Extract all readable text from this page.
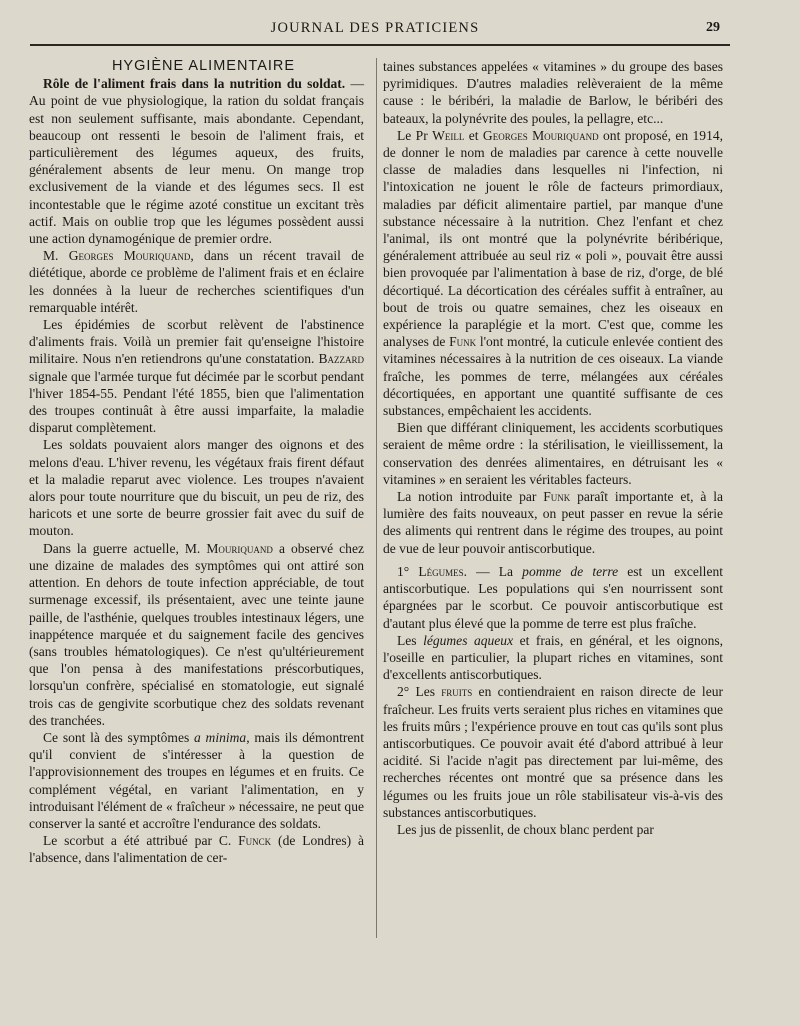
JOURNAL DES PRATICIENS	29

HYGIÈNE ALIMENTAIRE

Rôle de l'aliment frais dans la nutrition du soldat. — Au point de vue physiologique, la ration du soldat français est non seulement suffisante, mais abondante. Cependant, beaucoup ont ressenti le besoin de l'aliment frais, et particulièrement des légumes aqueux, des fruits, généralement absents de leur menu. On mange trop exclusivement de la viande et des légumes secs. Il est incontestable que le régime azoté constitue un excitant très actif. Mais on oublie trop que les légumes possèdent aussi une action dynamogénique de premier ordre.

M. Georges Mouriquand, dans un récent travail de diététique, aborde ce problème de l'aliment frais et en éclaire les données à la lueur de recherches scientifiques d'un remarquable intérêt.

Les épidémies de scorbut relèvent de l'abstinence d'aliments frais. Voilà un premier fait qu'enseigne l'histoire militaire. Nous n'en retiendrons qu'une constatation. Bazzard signale que l'armée turque fut décimée par le scorbut pendant l'hiver 1854-55. Pendant l'été 1855, bien que l'alimentation des troupes continuât à être aussi imparfaite, la maladie disparut complètement.

Les soldats pouvaient alors manger des oignons et des melons d'eau. L'hiver revenu, les végétaux frais firent défaut et la maladie reparut avec violence. Les troupes n'avaient alors pour toute nourriture que du biscuit, un peu de riz, des haricots et une sorte de beurre grossier fait avec du suif de mouton.

Dans la guerre actuelle, M. Mouriquand a observé chez une dizaine de malades des symptômes qui ont attiré son attention. En dehors de toute infection appréciable, de tout surmenage excessif, ils présentaient, avec une teinte jaune paille, de l'asthénie, quelques troubles intestinaux légers, une inappétence marquée et du saignement facile des gencives (sans troubles hématologiques). Ce n'est qu'ultérieurement que l'on pensa à des manifestations préscorbutiques, lorsqu'un confrère, spécialisé en stomatologie, eut signalé trois cas de gengivite scorbutique chez des soldats revenant des tranchées.

Ce sont là des symptômes a minima, mais ils démontrent qu'il convient de s'intéresser à la question de l'approvisionnement des troupes en légumes et en fruits. Ce complément végétal, en variant l'alimentation, en y introduisant l'élément de « fraîcheur » nécessaire, ne peut que conserver la santé et accroître l'endurance des soldats.

Le scorbut a été attribué par C. Funck (de Londres) à l'absence, dans l'alimentation de cer-

taines substances appelées « vitamines » du groupe des bases pyrimidiques. D'autres maladies relèveraient de la même cause : le béribéri, la maladie de Barlow, le béribéri des bateaux, la polynévrite des poules, la pellagre, etc...

Le Pr Weill et Georges Mouriquand ont proposé, en 1914, de donner le nom de maladies par carence à cette nouvelle classe de maladies dans lesquelles ni l'infection, ni l'intoxication ne jouent le rôle de facteurs primordiaux, maladies par déficit alimentaire partiel, par manque d'une substance nécessaire à la nutrition. Chez l'enfant et chez l'animal, ils ont montré que la polynévrite béribérique, généralement attribuée au seul riz « poli », pouvait être aussi bien provoquée par l'alimentation à base de riz, d'orge, de blé décortiqué. La décortication des céréales suffit à entraîner, au bout de trois ou quatre semaines, chez les oiseaux en expérience la paraplégie et la mort. C'est que, comme les analyses de Funk l'ont montré, la cuticule enlevée contient des vitamines nécessaires à la nutrition de ces oiseaux. La viande fraîche, les pommes de terre, mélangées aux céréales décortiquées, en apportant une quantité suffisante de ces substances, empêchaient les accidents.

Bien que différant cliniquement, les accidents scorbutiques seraient de même ordre : la stérilisation, le vieillissement, la conservation des denrées alimentaires, en détruisant les « vitamines » en seraient les véritables facteurs.

La notion introduite par Funk paraît importante et, à la lumière des faits nouveaux, on peut passer en revue la série des aliments qui rentrent dans le régime des troupes, au point de vue de leur pouvoir antiscorbutique.

1° Légumes. — La pomme de terre est un excellent antiscorbutique. Les populations qui s'en nourrissent sont épargnées par le scorbut. Ce pouvoir antiscorbutique est d'autant plus élevé que la pomme de terre est plus fraîche.

Les légumes aqueux et frais, en général, et les oignons, l'oseille en particulier, la plupart riches en vitamines, sont d'excellents antiscorbutiques.

2° Les fruits en contiendraient en raison directe de leur fraîcheur. Les fruits verts seraient plus riches en vitamines que les fruits mûrs ; l'expérience prouve en tout cas qu'ils sont plus antiscorbutiques. Ce pouvoir avait été d'abord attribué à leur acidité. Si l'acide n'agit pas directement par lui-même, des recherches récentes ont montré que sa présence dans les légumes ou les fruits joue un rôle stabilisateur vis-à-vis des substances antiscorbutiques.

Les jus de pissenlit, de choux blanc perdent par
